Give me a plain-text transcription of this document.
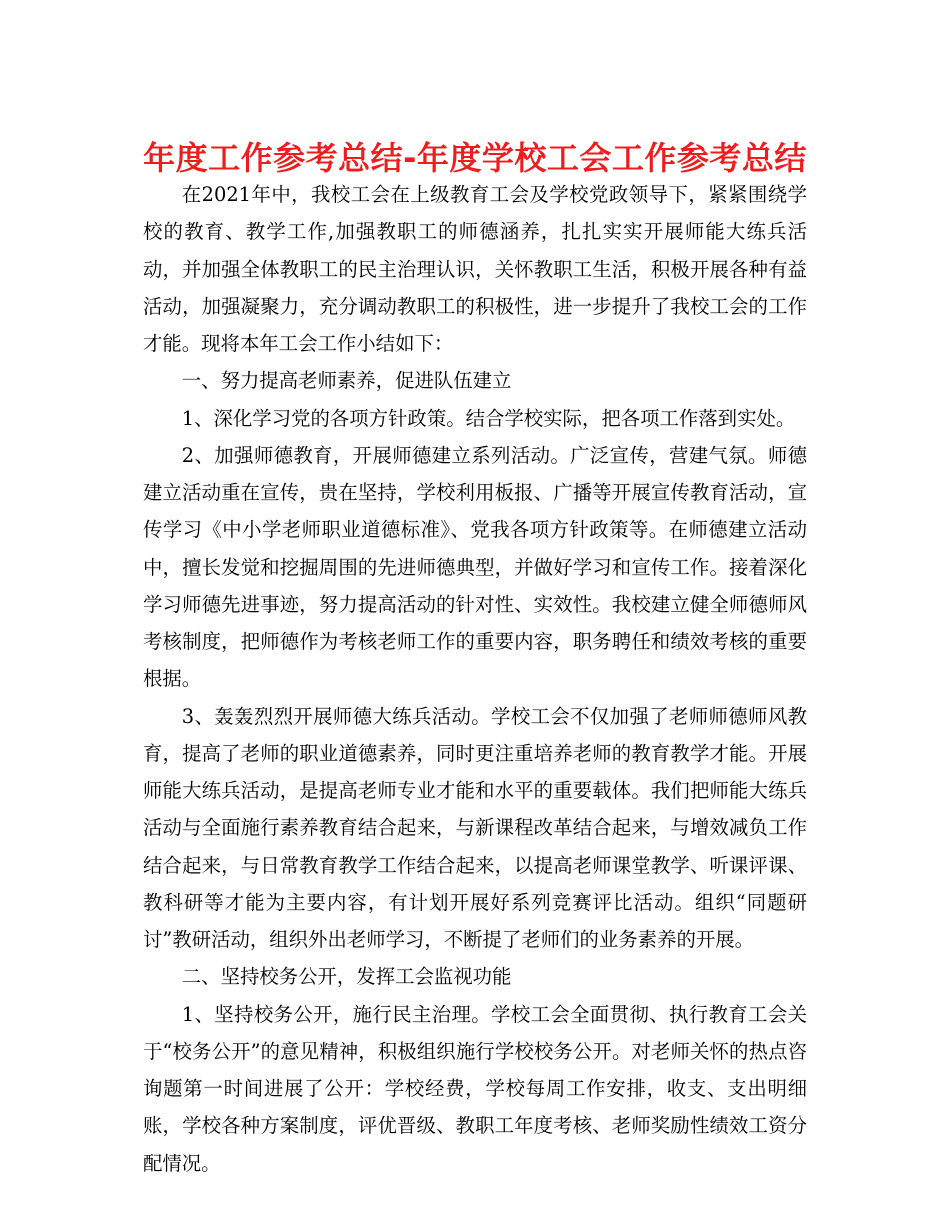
年度工作参考总结-年度学校工会工作参考总结

在2021年中，我校工会在上级教育工会及学校党政领导下，紧紧围绕学校的教育、教学工作,加强教职工的师德涵养，扎扎实实开展师能大练兵活动，并加强全体教职工的民主治理认识，关怀教职工生活，积极开展各种有益活动，加强凝聚力，充分调动教职工的积极性，进一步提升了我校工会的工作才能。现将本年工会工作小结如下：

一、努力提高老师素养，促进队伍建立

1、深化学习党的各项方针政策。结合学校实际，把各项工作落到实处。

2、加强师德教育，开展师德建立系列活动。广泛宣传，营建气氛。师德建立活动重在宣传，贵在坚持，学校利用板报、广播等开展宣传教育活动，宣传学习《中小学老师职业道德标准》、党我各项方针政策等。在师德建立活动中，擅长发觉和挖掘周围的先进师德典型，并做好学习和宣传工作。接着深化学习师德先进事迹，努力提高活动的针对性、实效性。我校建立健全师德师风考核制度，把师德作为考核老师工作的重要内容，职务聘任和绩效考核的重要根据。

3、轰轰烈烈开展师德大练兵活动。学校工会不仅加强了老师师德师风教育，提高了老师的职业道德素养，同时更注重培养老师的教育教学才能。开展师能大练兵活动，是提高老师专业才能和水平的重要载体。我们把师能大练兵活动与全面施行素养教育结合起来，与新课程改革结合起来，与增效减负工作结合起来，与日常教育教学工作结合起来，以提高老师课堂教学、听课评课、教科研等才能为主要内容，有计划开展好系列竞赛评比活动。组织“同题研讨”教研活动，组织外出老师学习，不断提了老师们的业务素养的开展。

二、坚持校务公开，发挥工会监视功能

1、坚持校务公开，施行民主治理。学校工会全面贯彻、执行教育工会关于“校务公开”的意见精神，积极组织施行学校校务公开。对老师关怀的热点咨询题第一时间进展了公开：学校经费，学校每周工作安排，收支、支出明细账，学校各种方案制度，评优晋级、教职工年度考核、老师奖励性绩效工资分配情况。
